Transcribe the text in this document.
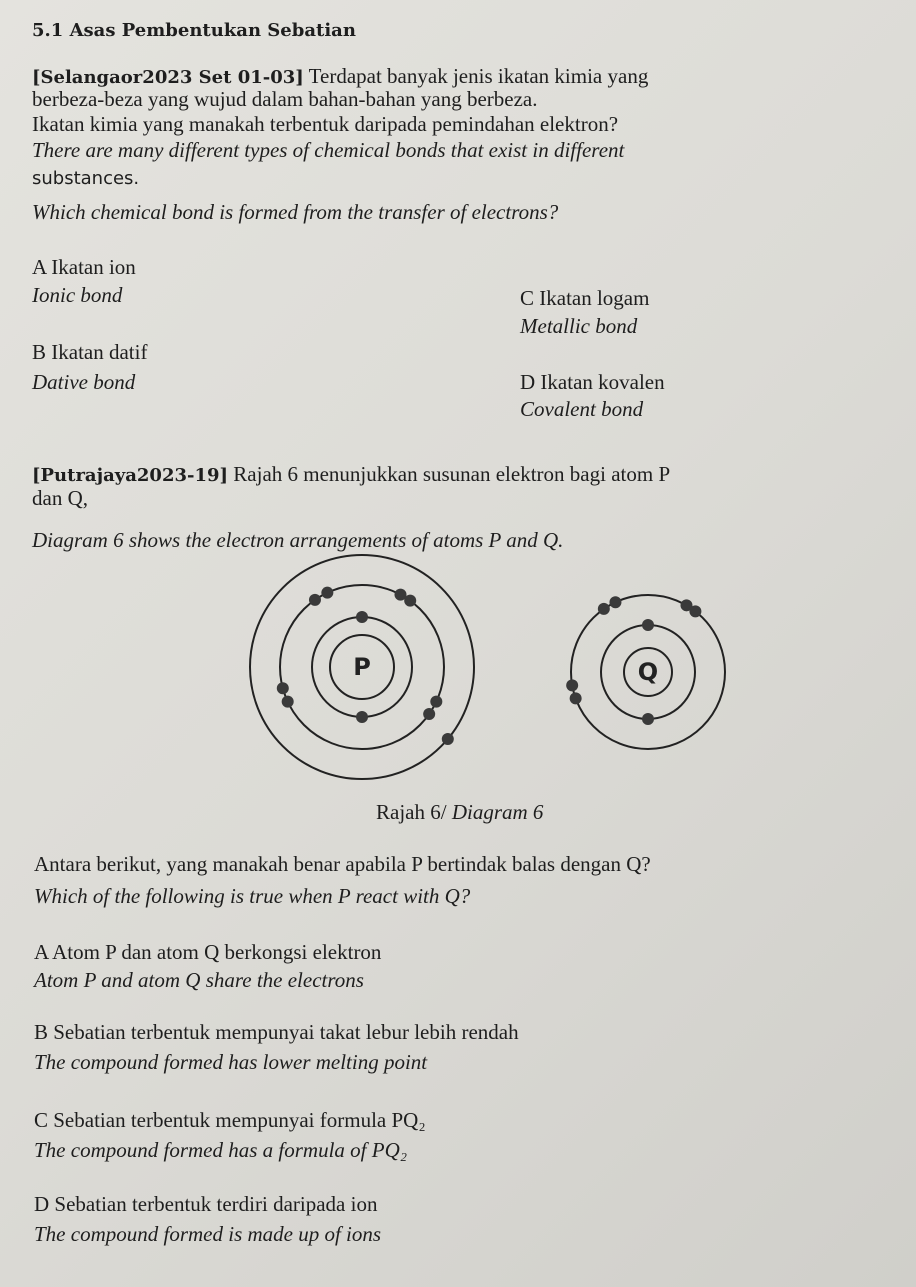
5.1 Asas Pembentukan Sebatian
[Selangaor2023 Set 01-03] Terdapat banyak jenis ikatan kimia yang
berbeza-beza yang wujud dalam bahan-bahan yang berbeza.
Ikatan kimia yang manakah terbentuk daripada pemindahan elektron?
There are many different types of chemical bonds that exist in different
substances.
Which chemical bond is formed from the transfer of electrons?
A Ikatan ion
Ionic bond
B Ikatan datif
Dative bond
C Ikatan logam
Metallic bond
D Ikatan kovalen
Covalent bond
[Putrajaya2023-19] Rajah 6 menunjukkan susunan elektron bagi atom P
dan Q,
Diagram 6 shows the electron arrangements of atoms P and Q.
P	Q
Rajah 6/ Diagram 6
Antara berikut, yang manakah benar apabila P bertindak balas dengan Q?
Which of the following is true when P react with Q?
A Atom P dan atom Q berkongsi elektron
Atom P and atom Q share the electrons
B Sebatian terbentuk mempunyai takat lebur lebih rendah
The compound formed has lower melting point
C Sebatian terbentuk mempunyai formula PQ₂
The compound formed has a formula of PQ₂
D Sebatian terbentuk terdiri daripada ion
The compound formed is made up of ions
